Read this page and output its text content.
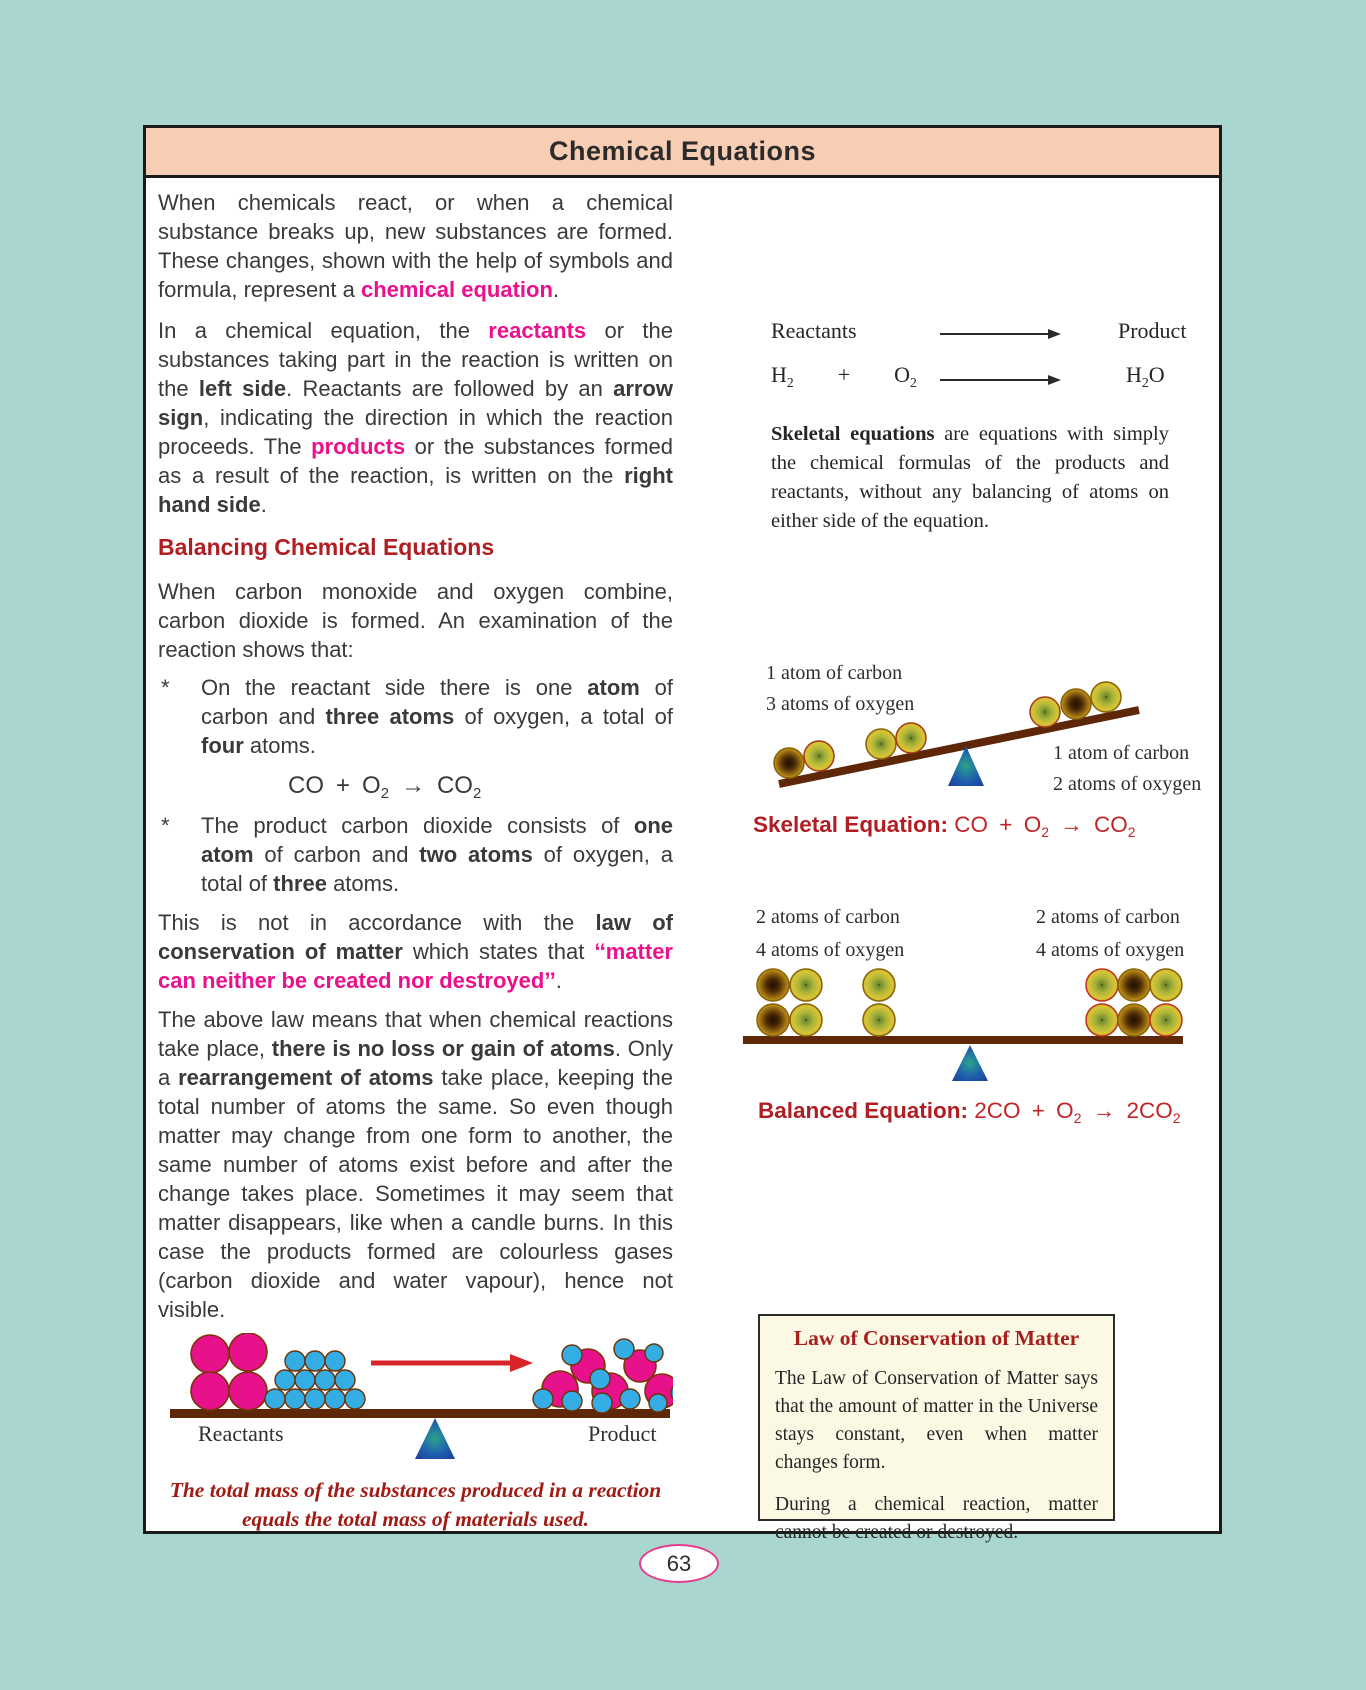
Chemical Equations

When chemicals react, or when a chemical substance breaks up, new substances are formed. These changes, shown with the help of symbols and formula, represent a chemical equation.

In a chemical equation, the reactants or the substances taking part in the reaction is written on the left side. Reactants are followed by an arrow sign, indicating the direction in which the reaction proceeds. The products or the substances formed as a result of the reaction, is written on the right hand side.

Balancing Chemical Equations

When carbon monoxide and oxygen combine, carbon dioxide is formed. An examination of the reaction shows that:

*	On the reactant side there is one atom of carbon and three atoms of oxygen, a total of four atoms.

CO + $O_2$ → $CO_2$
*	The product carbon dioxide consists of one atom of carbon and two atoms of oxygen, a total of three atoms.

This is not in accordance with the law of conservation of matter which states that ‘‘matter can neither be created nor destroyed’’.

The above law means that when chemical reactions take place, there is no loss or gain of atoms. Only a rearrangement of atoms take place, keeping the total number of atoms the same. So even though matter may change from one form to another, the same number of atoms exist before and after the change takes place. Sometimes it may seem that matter disappears, like when a candle burns. In this case the products formed are colourless gases (carbon dioxide and water vapour), hence not visible.

Reactants	Product
The total mass of the substances produced in a reaction
equals the total mass of materials used.
Reactants	Product
$H_2$  +  $O_2$	$H_2O$

Skeletal equations are equations with simply the chemical formulas of the products and reactants, without any balancing of atoms on either side of the equation.

1 atom of carbon
3 atoms of oxygen
1 atom of carbon
2 atoms of oxygen
Skeletal Equation: CO + $O_2$ → $CO_2$
2 atoms of carbon
4 atoms of oxygen
2 atoms of carbon
4 atoms of oxygen
Balanced Equation: 2CO + $O_2$ → $2CO_2$
Law of Conservation of Matter

The Law of Conservation of Matter says that the amount of matter in the Universe stays constant, even when matter changes form.

During a chemical reaction, matter cannot be created or destroyed.

63
